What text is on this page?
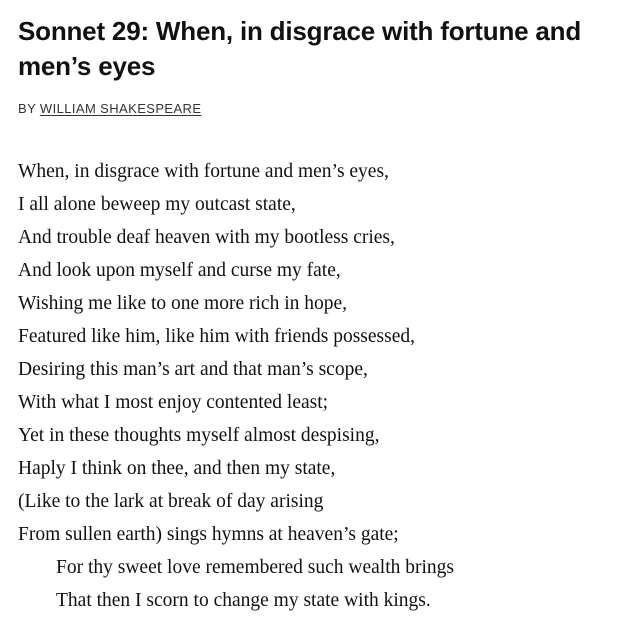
Sonnet 29: When, in disgrace with fortune and men’s eyes
BY WILLIAM SHAKESPEARE
When, in disgrace with fortune and men’s eyes,
I all alone beweep my outcast state,
And trouble deaf heaven with my bootless cries,
And look upon myself and curse my fate,
Wishing me like to one more rich in hope,
Featured like him, like him with friends possessed,
Desiring this man’s art and that man’s scope,
With what I most enjoy contented least;
Yet in these thoughts myself almost despising,
Haply I think on thee, and then my state,
(Like to the lark at break of day arising
From sullen earth) sings hymns at heaven’s gate;
For thy sweet love remembered such wealth brings
That then I scorn to change my state with kings.
